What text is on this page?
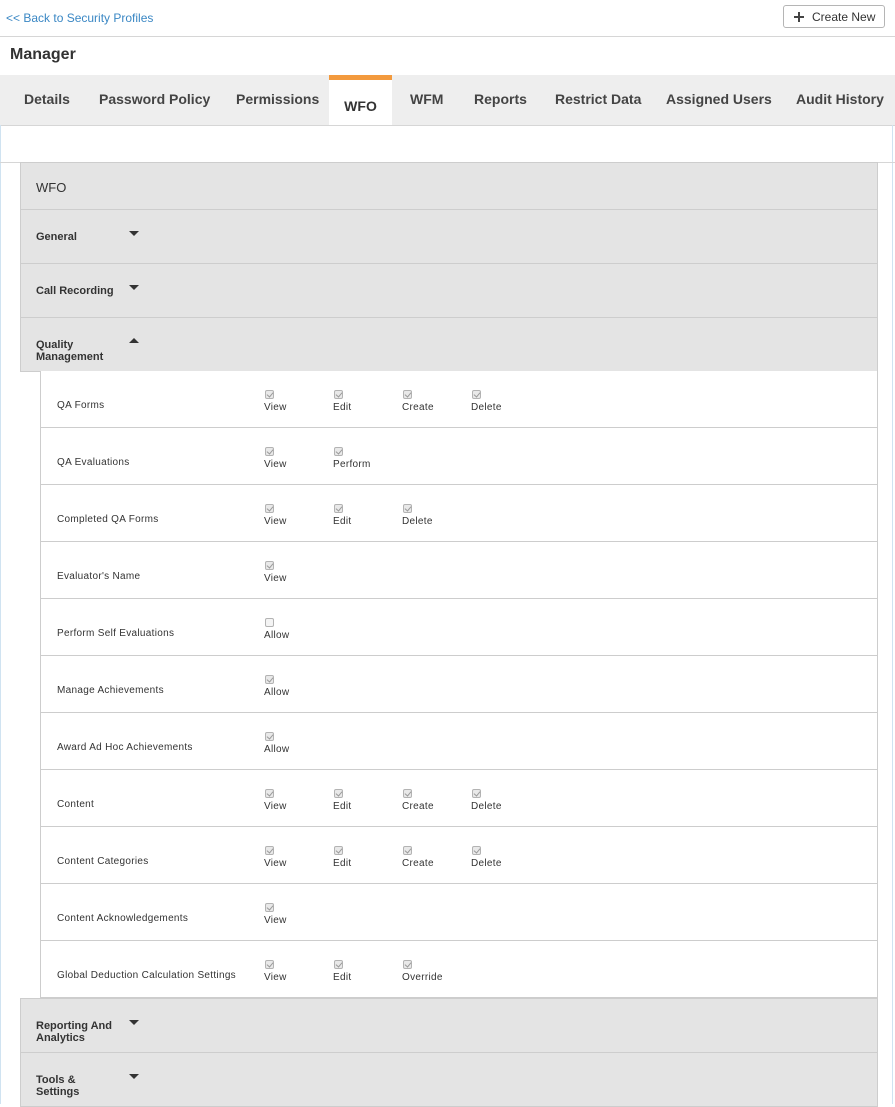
<< Back to Security Profiles	Create New
Manager
Details Password Policy Permissions	WFO	WFM Reports Restrict Data Assigned Users Audit History
WFO
General
Call Recording
Quality Management
QA Forms	View	Edit	Create	Delete
QA Evaluations	View	Perform
Completed QA Forms	View	Edit	Delete
Evaluator's Name	View
Perform Self Evaluations	Allow
Manage Achievements	Allow
Award Ad Hoc Achievements	Allow
Content	View	Edit	Create	Delete
Content Categories	View	Edit	Create	Delete
Content Acknowledgements	View
Global Deduction Calculation Settings	View	Edit	Override
Reporting And Analytics
Tools & Settings
